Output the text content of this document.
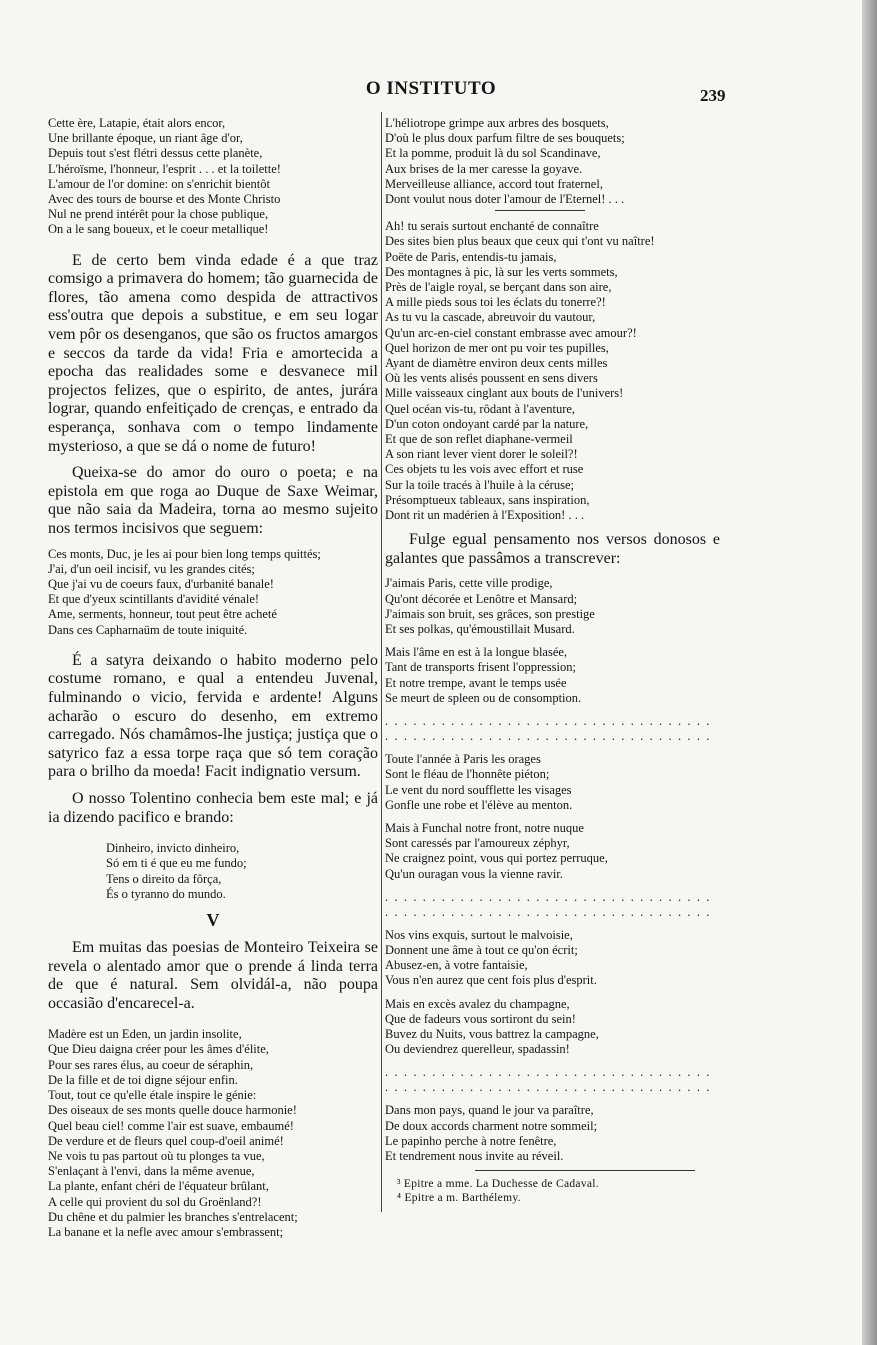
O INSTITUTO	239
Cette ère, Latapie, était alors encor,
Une brillante époque, un riant âge d'or,
Depuis tout s'est flétri dessus cette planète,
L'héroïsme, l'honneur, l'esprit . . . et la toilette!
L'amour de l'or domine: on s'enrichit bientôt
Avec des tours de bourse et des Monte Christo
Nul ne prend intérêt pour la chose publique,
On a le sang boueux, et le coeur metallique!

E de certo bem vinda edade é a que traz comsigo a primavera do homem; tão guarnecida de flores, tão amena como despida de attractivos ess'outra que depois a substitue, e em seu logar vem pôr os desenganos, que são os fructos amargos e seccos da tarde da vida! Fria e amortecida a epocha das realidades some e desvanece mil projectos felizes, que o espirito, de antes, jurára lograr, quando enfeitiçado de crenças, e entrado da esperança, sonhava com o tempo lindamente mysterioso, a que se dá o nome de futuro!

Queixa-se do amor do ouro o poeta; e na epistola em que roga ao Duque de Saxe Weimar, que não saia da Madeira, torna ao mesmo sujeito nos termos incisivos que seguem:

Ces monts, Duc, je les ai pour bien long temps quittés;
J'ai, d'un oeil incisif, vu les grandes cités;
Que j'ai vu de coeurs faux, d'urbanité banale!
Et que d'yeux scintillants d'avidité vénale!
Ame, serments, honneur, tout peut être acheté
Dans ces Capharnaüm de toute iniquité.

É a satyra deixando o habito moderno pelo costume romano, e qual a entendeu Juvenal, fulminando o vicio, fervida e ardente! Alguns acharão o escuro do desenho, em extremo carregado. Nós chamâmos-lhe justiça; justiça que o satyrico faz a essa torpe raça que só tem coração para o brilho da moeda! Facit indignatio versum.

O nosso Tolentino conhecia bem este mal; e já ia dizendo pacifico e brando:

Dinheiro, invicto dinheiro,
Só em ti é que eu me fundo;
Tens o direito da fôrça,
És o tyranno do mundo.
V

Em muitas das poesias de Monteiro Teixeira se revela o alentado amor que o prende á linda terra de que é natural. Sem olvidál-a, não poupa occasião d'encarecel-a.

Madère est un Eden, un jardin insolite,
Que Dieu daigna créer pour les âmes d'élite,
Pour ses rares élus, au coeur de séraphin,
De la fille et de toi digne séjour enfin.
Tout, tout ce qu'elle étale inspire le génie:
Des oiseaux de ses monts quelle douce harmonie!
Quel beau ciel! comme l'air est suave, embaumé!
De verdure et de fleurs quel coup-d'oeil animé!
Ne vois tu pas partout où tu plonges ta vue,
S'enlaçant à l'envi, dans la même avenue,
La plante, enfant chéri de l'équateur brûlant,
A celle qui provient du sol du Groënland?!
Du chêne et du palmier les branches s'entrelacent;
La banane et la nefle avec amour s'embrassent;
L'héliotrope grimpe aux arbres des bosquets,
D'où le plus doux parfum filtre de ses bouquets;
Et la pomme, produit là du sol Scandinave,
Aux brises de la mer caresse la goyave.
Merveilleuse alliance, accord tout fraternel,
Dont voulut nous doter l'amour de l'Eternel! . . .
Ah! tu serais surtout enchanté de connaître
Des sites bien plus beaux que ceux qui t'ont vu naître!
Poëte de Paris, entendis-tu jamais,
Des montagnes à pic, là sur les verts sommets,
Près de l'aigle royal, se berçant dans son aire,
A mille pieds sous toi les éclats du tonerre?!
As tu vu la cascade, abreuvoir du vautour,
Qu'un arc-en-ciel constant embrasse avec amour?!
Quel horizon de mer ont pu voir tes pupilles,
Ayant de diamètre environ deux cents milles
Où les vents alisés poussent en sens divers
Mille vaisseaux cinglant aux bouts de l'univers!
Quel océan vis-tu, rôdant à l'aventure,
D'un coton ondoyant cardé par la nature,
Et que de son reflet diaphane-vermeil
A son riant lever vient dorer le soleil?!
Ces objets tu les vois avec effort et ruse
Sur la toile tracés à l'huile à la céruse;
Présomptueux tableaux, sans inspiration,
Dont rit un madérien à l'Exposition! . . .

Fulge egual pensamento nos versos donosos e galantes que passâmos a transcrever:

J'aimais Paris, cette ville prodige,
Qu'ont décorée et Lenôtre et Mansard;
J'aimais son bruit, ses grâces, son prestige
Et ses polkas, qu'émoustillait Musard.
Mais l'âme en est à la longue blasée,
Tant de transports frisent l'oppression;
Et notre trempe, avant le temps usée
Se meurt de spleen ou de consomption.
. . . . . . . . . . . . . . . . . . . . . . . . . . . . . . . . . . .
. . . . . . . . . . . . . . . . . . . . . . . . . . . . . . . . . . .
Toute l'année à Paris les orages
Sont le fléau de l'honnête piéton;
Le vent du nord soufflette les visages
Gonfle une robe et l'élève au menton.
Mais à Funchal notre front, notre nuque
Sont caressés par l'amoureux zéphyr,
Ne craignez point, vous qui portez perruque,
Qu'un ouragan vous la vienne ravir.
. . . . . . . . . . . . . . . . . . . . . . . . . . . . . . . . . . .
. . . . . . . . . . . . . . . . . . . . . . . . . . . . . . . . . . .
Nos vins exquis, surtout le malvoisie,
Donnent une âme à tout ce qu'on écrit;
Abusez-en, à votre fantaisie,
Vous n'en aurez que cent fois plus d'esprit.
Mais en excès avalez du champagne,
Que de fadeurs vous sortiront du sein!
Buvez du Nuits, vous battrez la campagne,
Ou deviendrez querelleur, spadassin!
. . . . . . . . . . . . . . . . . . . . . . . . . . . . . . . . . . .
. . . . . . . . . . . . . . . . . . . . . . . . . . . . . . . . . . .
Dans mon pays, quand le jour va paraître,
De doux accords charment notre sommeil;
Le papinho perche à notre fenêtre,
Et tendrement nous invite au réveil.
³ Epitre a mme. La Duchesse de Cadaval.
⁴ Epitre a m. Barthélemy.
